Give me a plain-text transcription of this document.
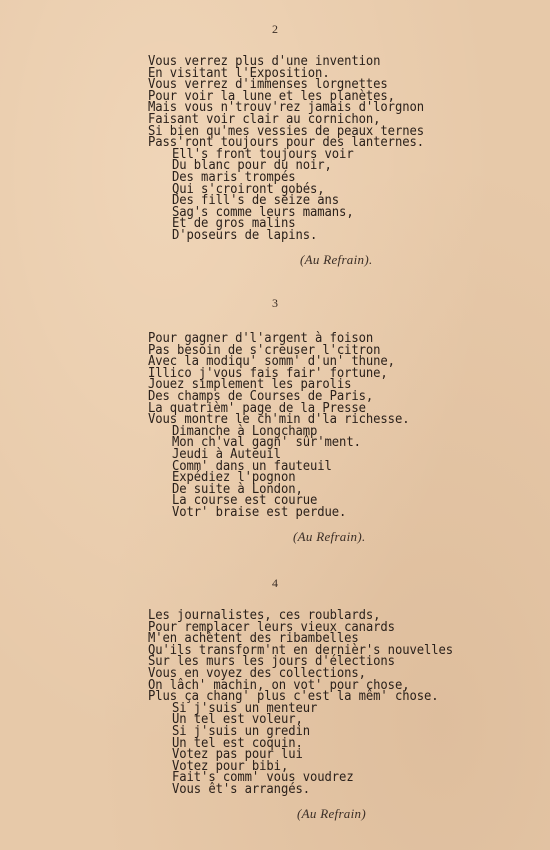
2
Vous verrez plus d'une invention
En visitant l'Exposition.
Vous verrez d'immenses lorgnettes
Pour voir la lune et les planètes,
Mais vous n'trouv'rez jamais d'lorgnon
Faisant voir clair au cornichon,
Si bien qu'mes vessies de peaux ternes
Pass'ront toujours pour des lanternes.
Ell's front toujours voir
Du blanc pour du noir,
Des maris trompés
Qui s'croiront gobés,
Des fill's de seize ans
Sag's comme leurs mamans,
Et de gros malins
D'poseurs de lapins.
(Au Refrain).
3
Pour gagner d'l'argent à foison
Pas besoin de s'creuser l'citron
Avec la modiqu' somm' d'un' thune,
Illico j'vous fais fair' fortune,
Jouez simplement les parolis
Des champs de Courses de Paris,
La quatrièm' page de la Presse
Vous montre le ch'min d'la richesse.
Dimanche à Longchamp
Mon ch'val gagn' sûr'ment.
Jeudi à Auteuil
Comm' dans un fauteuil
Expédiez l'pognon
De suite à London,
La course est courue
Votr' braise est perdue.
(Au Refrain).
4
Les journalistes, ces roublards,
Pour remplacer leurs vieux canards
M'en achètent des ribambelles
Qu'ils transform'nt en dernièr's nouvelles
Sur les murs les jours d'élections
Vous en voyez des collections,
On lâch' machin, on vot' pour chose,
Plus ça chang' plus c'est la mêm' chose.
Si j'suis un menteur
Un tel est voleur,
Si j'suis un gredin
Un tel est coquin.
Votez pas pour lui
Votez pour bibi,
Fait's comm' vous voudrez
Vous êt's arrangés.
(Au Refrain)
